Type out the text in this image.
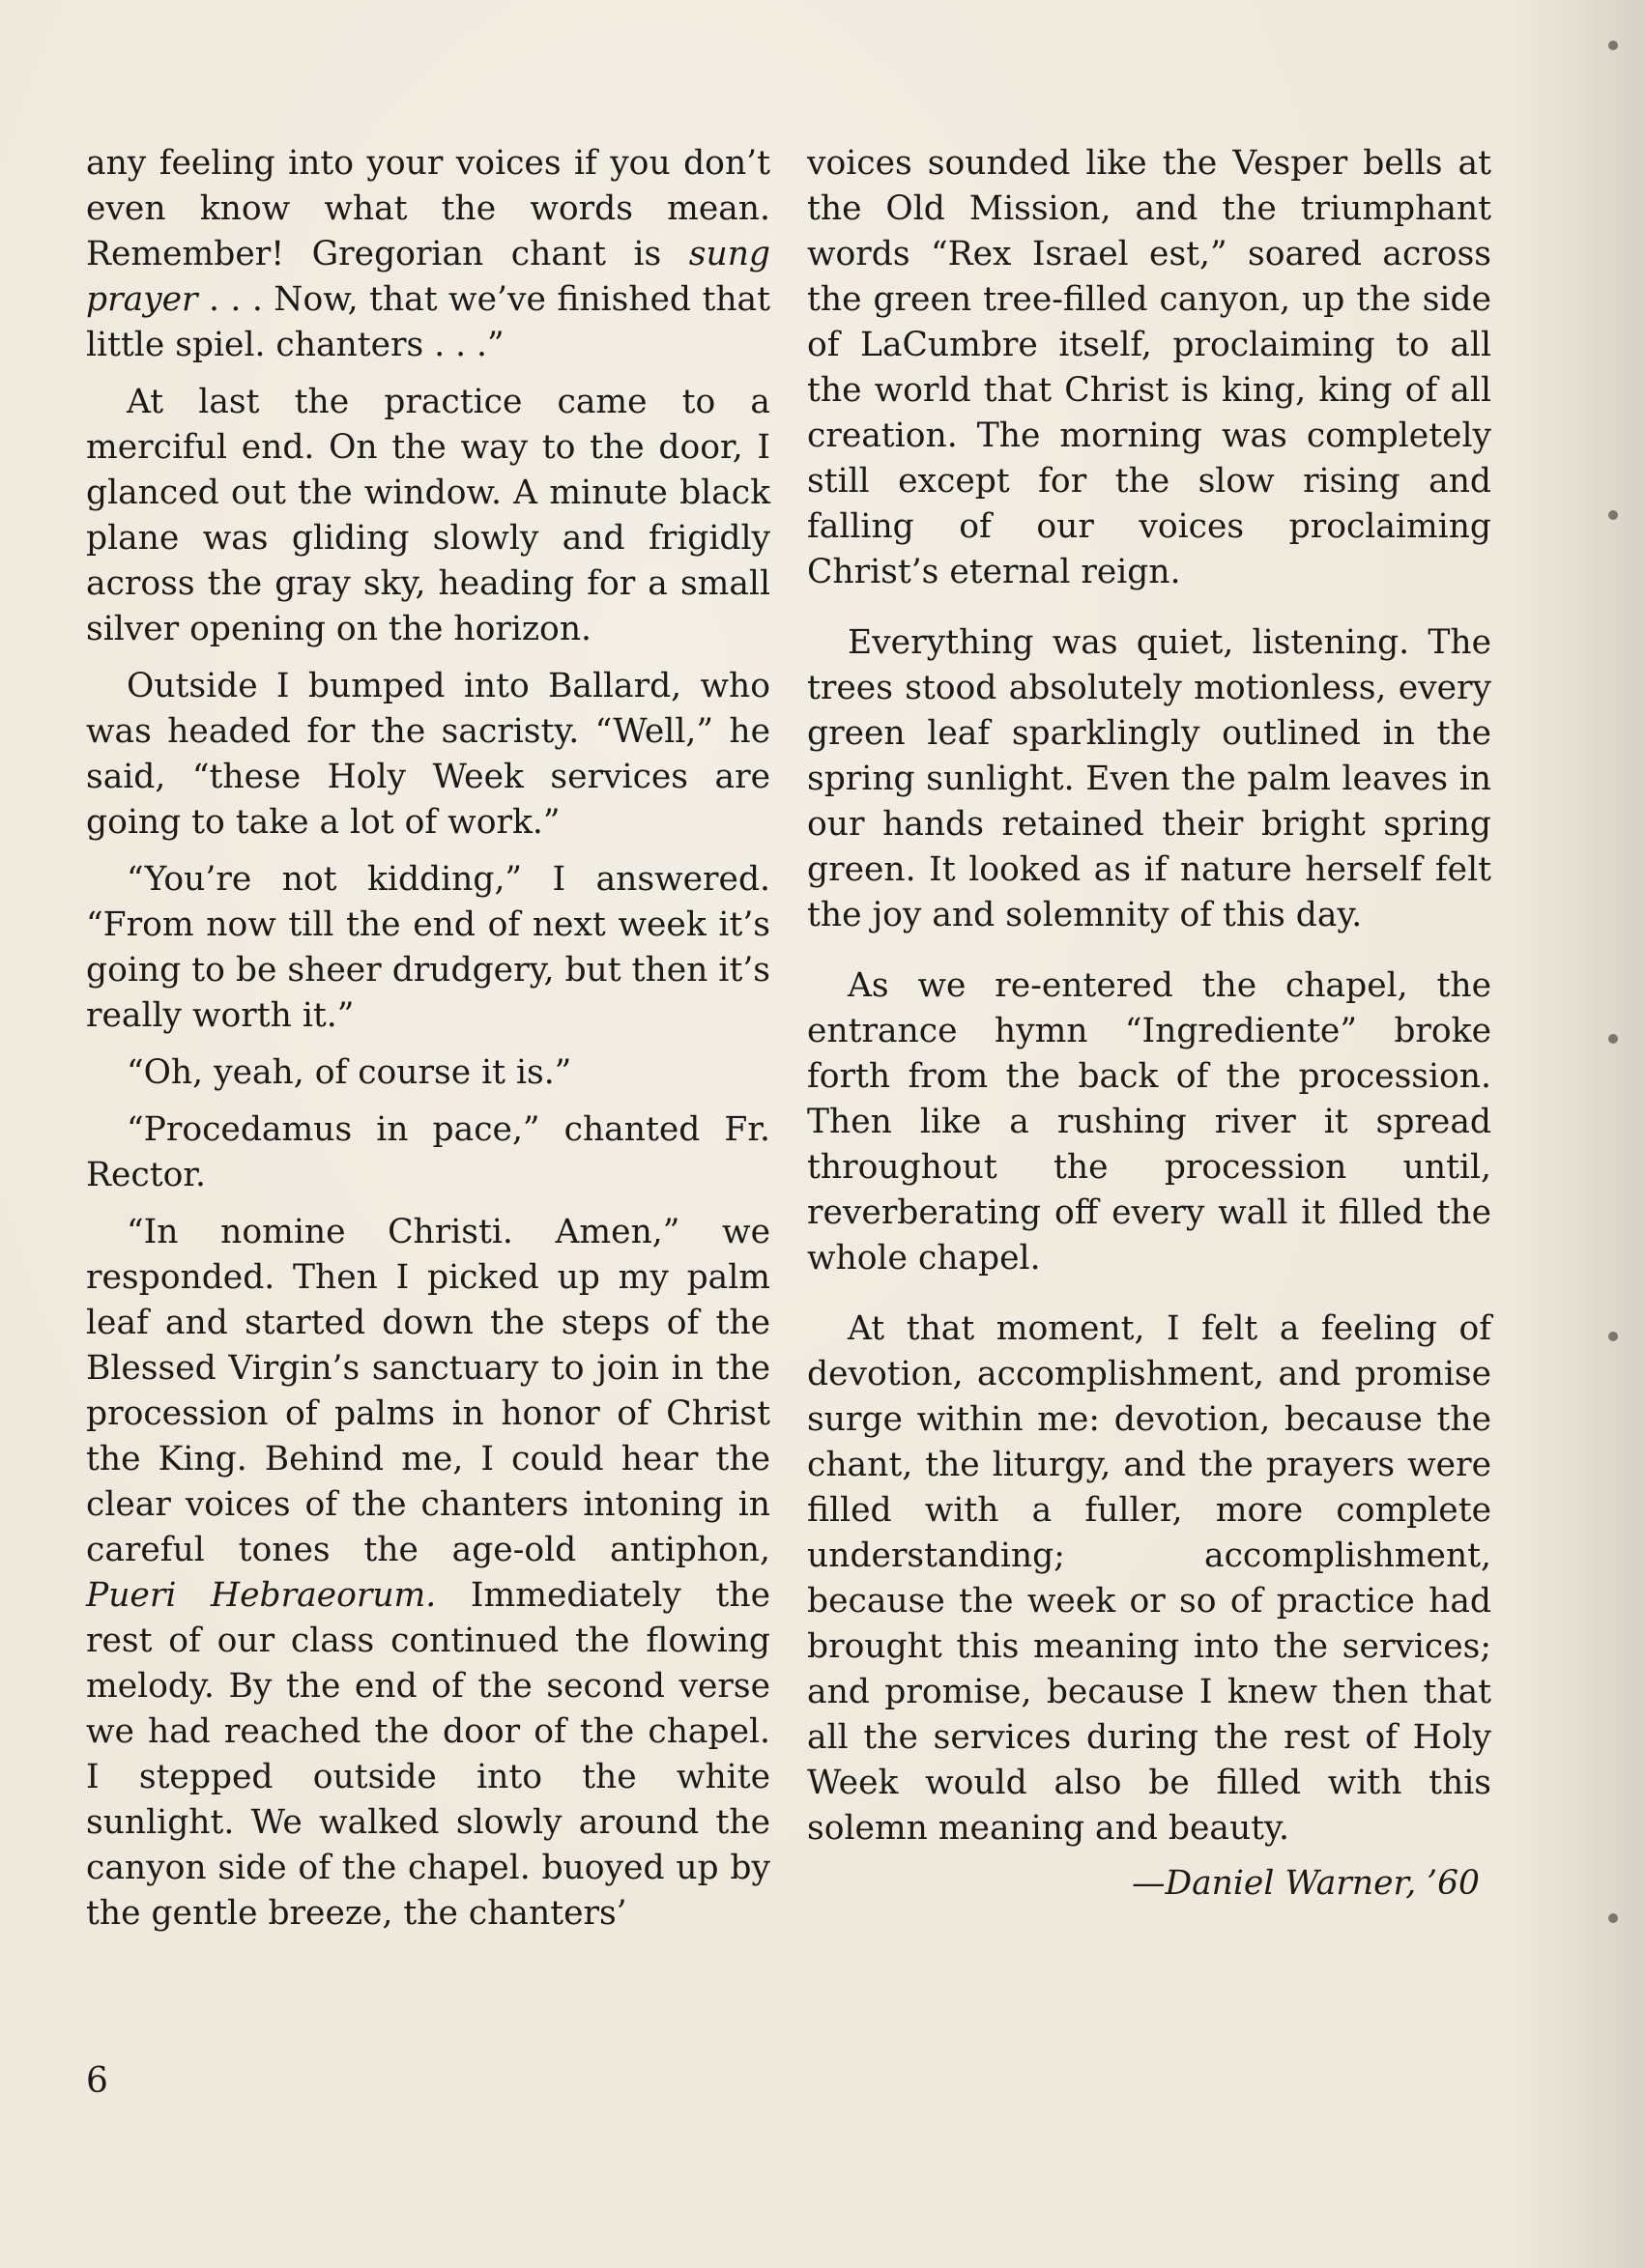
any feeling into your voices if you don’t even know what the words mean. Remember! Gregorian chant is sung prayer . . . Now, that we’ve finished that little spiel. chanters . . .”

At last the practice came to a merciful end. On the way to the door, I glanced out the window. A minute black plane was gliding slowly and frigidly across the gray sky, heading for a small silver opening on the horizon.

Outside I bumped into Ballard, who was headed for the sacristy. “Well,” he said, “these Holy Week services are going to take a lot of work.”

“You’re not kidding,” I answered. “From now till the end of next week it’s going to be sheer drudgery, but then it’s really worth it.”

“Oh, yeah, of course it is.”

“Procedamus in pace,” chanted Fr. Rector.

“In nomine Christi. Amen,” we responded. Then I picked up my palm leaf and started down the steps of the Blessed Virgin’s sanctuary to join in the procession of palms in honor of Christ the King. Behind me, I could hear the clear voices of the chanters intoning in careful tones the age-old antiphon, Pueri Hebraeorum. Immediately the rest of our class continued the flowing melody. By the end of the second verse we had reached the door of the chapel. I stepped outside into the white sunlight. We walked slowly around the canyon side of the chapel. buoyed up by the gentle breeze, the chanters’

voices sounded like the Vesper bells at the Old Mission, and the triumphant words “Rex Israel est,” soared across the green tree-filled canyon, up the side of LaCumbre itself, proclaiming to all the world that Christ is king, king of all creation. The morning was completely still except for the slow rising and falling of our voices proclaiming Christ’s eternal reign.

Everything was quiet, listening. The trees stood absolutely motionless, every green leaf sparklingly outlined in the spring sunlight. Even the palm leaves in our hands retained their bright spring green. It looked as if nature herself felt the joy and solemnity of this day.

As we re-entered the chapel, the entrance hymn “Ingrediente” broke forth from the back of the procession. Then like a rushing river it spread throughout the procession until, reverberating off every wall it filled the whole chapel.

At that moment, I felt a feeling of devotion, accomplishment, and promise surge within me: devotion, because the chant, the liturgy, and the prayers were filled with a fuller, more complete understanding; accomplishment, because the week or so of practice had brought this meaning into the services; and promise, because I knew then that all the services during the rest of Holy Week would also be filled with this solemn meaning and beauty.

—Daniel Warner, ’60
6
